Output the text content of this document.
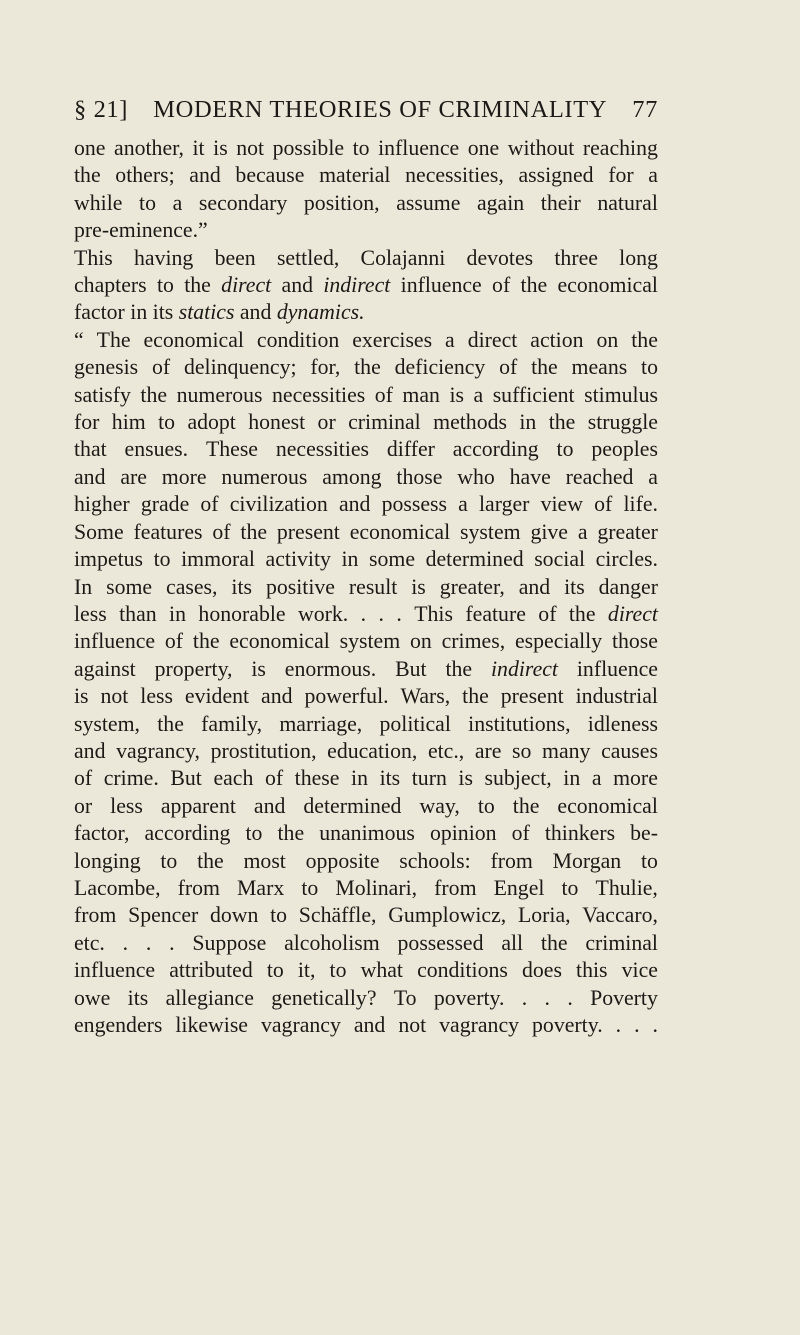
§ 21] MODERN THEORIES OF CRIMINALITY 77
one another, it is not possible to influence one without reaching
the others; and because material necessities, assigned for a
while to a secondary position, assume again their natural
pre-eminence.”
This having been settled, Colajanni devotes three long
chapters to the direct and indirect influence of the economical
factor in its statics and dynamics.
“ The economical condition exercises a direct action on the
genesis of delinquency; for, the deficiency of the means to
satisfy the numerous necessities of man is a sufficient stimulus
for him to adopt honest or criminal methods in the struggle
that ensues. These necessities differ according to peoples
and are more numerous among those who have reached a
higher grade of civilization and possess a larger view of life.
Some features of the present economical system give a greater
impetus to immoral activity in some determined social circles.
In some cases, its positive result is greater, and its danger
less than in honorable work. . . . This feature of the direct
influence of the economical system on crimes, especially those
against property, is enormous. But the indirect influence
is not less evident and powerful. Wars, the present industrial
system, the family, marriage, political institutions, idleness
and vagrancy, prostitution, education, etc., are so many causes
of crime. But each of these in its turn is subject, in a more
or less apparent and determined way, to the economical
factor, according to the unanimous opinion of thinkers be-
longing to the most opposite schools: from Morgan to
Lacombe, from Marx to Molinari, from Engel to Thulie,
from Spencer down to Schäffle, Gumplowicz, Loria, Vaccaro,
etc. . . . Suppose alcoholism possessed all the criminal
influence attributed to it, to what conditions does this vice
owe its allegiance genetically? To poverty. . . . Poverty
engenders likewise vagrancy and not vagrancy poverty. . . .
